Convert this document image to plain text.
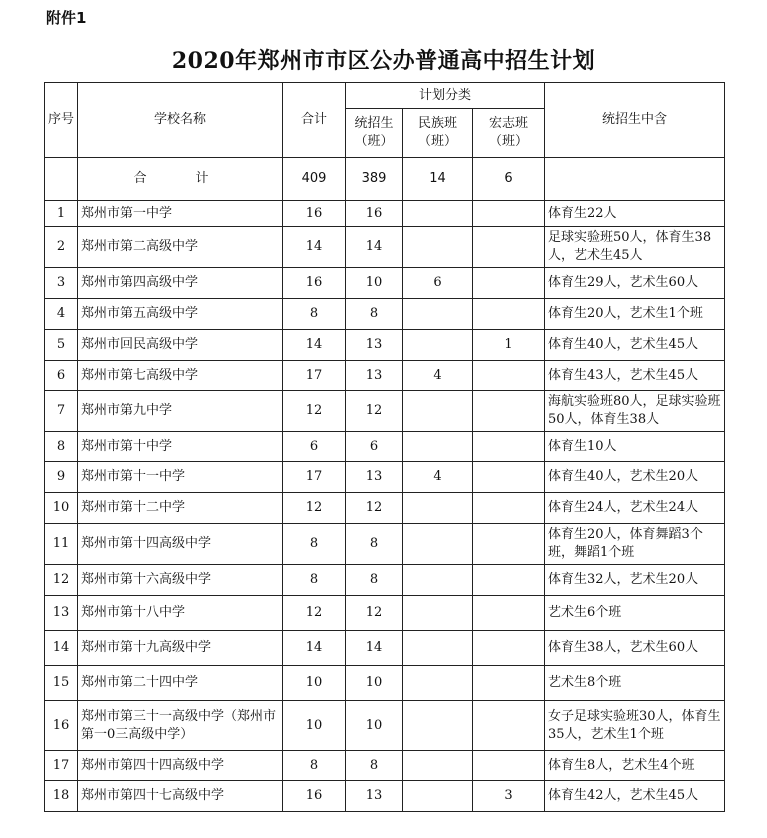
附件1
2020年郑州市市区公办普通高中招生计划
序号	学校名称	合计	计划分类			统招生中含
			统招生（班）	民族班（班）	宏志班（班）	
	合　计	409	389	14	6	
1	郑州市第一中学	16	16			体育生22人
2	郑州市第二高级中学	14	14			足球实验班50人，体育生38人，艺术生45人
3	郑州市第四高级中学	16	10	6		体育生29人，艺术生60人
4	郑州市第五高级中学	8	8			体育生20人，艺术生1个班
5	郑州市回民高级中学	14	13		1	体育生40人，艺术生45人
6	郑州市第七高级中学	17	13	4		体育生43人，艺术生45人
7	郑州市第九中学	12	12			海航实验班80人，足球实验班50人，体育生38人
8	郑州市第十中学	6	6			体育生10人
9	郑州市第十一中学	17	13	4		体育生40人，艺术生20人
10	郑州市第十二中学	12	12			体育生24人，艺术生24人
11	郑州市第十四高级中学	8	8			体育生20人，体育舞蹈3个班，舞蹈1个班
12	郑州市第十六高级中学	8	8			体育生32人，艺术生20人
13	郑州市第十八中学	12	12			艺术生6个班
14	郑州市第十九高级中学	14	14			体育生38人，艺术生60人
15	郑州市第二十四中学	10	10			艺术生8个班
16	郑州市第三十一高级中学（郑州市第一0三高级中学）	10	10			女子足球实验班30人，体育生35人，艺术生1个班
17	郑州市第四十四高级中学	8	8			体育生8人，艺术生4个班
18	郑州市第四十七高级中学	16	13		3	体育生42人，艺术生45人
